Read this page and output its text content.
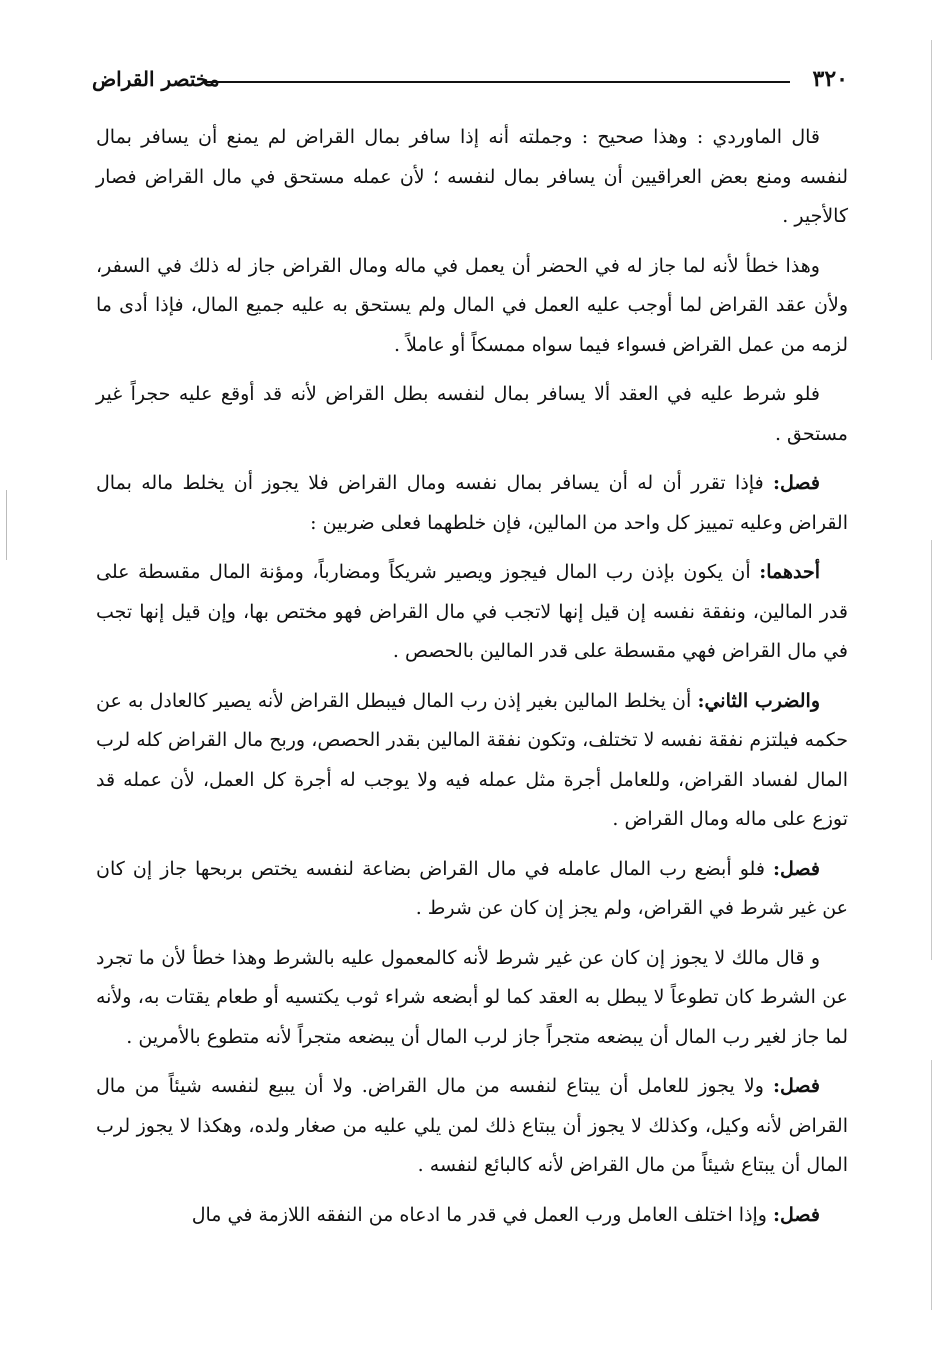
٣٢٠
مختصر القراض

قال الماوردي : وهذا صحيح : وجملته أنه إذا سافر بمال القراض لم يمنع أن يسافر بمال لنفسه ومنع بعض العراقيين أن يسافر بمال لنفسه ؛ لأن عمله مستحق في مال القراض فصار كالأجير .

وهذا خطأ لأنه لما جاز له في الحضر أن يعمل في ماله ومال القراض جاز له ذلك في السفر، ولأن عقد القراض لما أوجب عليه العمل في المال ولم يستحق به عليه جميع المال، فإذا أدى ما لزمه من عمل القراض فسواء فيما سواه ممسكاً أو عاملاً .

فلو شرط عليه في العقد ألا يسافر بمال لنفسه بطل القراض لأنه قد أوقع عليه حجراً غير مستحق .

فصل: فإذا تقرر أن له أن يسافر بمال نفسه ومال القراض فلا يجوز أن يخلط ماله بمال القراض وعليه تمييز كل واحد من المالين، فإن خلطهما فعلى ضربين :

أحدهما: أن يكون بإذن رب المال فيجوز ويصير شريكاً ومضارباً، ومؤنة المال مقسطة على قدر المالين، ونفقة نفسه إن قيل إنها لاتجب في مال القراض فهو مختص بها، وإن قيل إنها تجب في مال القراض فهي مقسطة على قدر المالين بالحصص .

والضرب الثاني: أن يخلط المالين بغير إذن رب المال فيبطل القراض لأنه يصير كالعادل به عن حكمه فيلتزم نفقة نفسه لا تختلف، وتكون نفقة المالين بقدر الحصص، وربح مال القراض كله لرب المال لفساد القراض، وللعامل أجرة مثل عمله فيه ولا يوجب له أجرة كل العمل، لأن عمله قد توزع على ماله ومال القراض .

فصل: فلو أبضع رب المال عامله في مال القراض بضاعة لنفسه يختص بربحها جاز إن كان عن غير شرط في القراض، ولم يجز إن كان عن شرط .

و قال مالك لا يجوز إن كان عن غير شرط لأنه كالمعمول عليه بالشرط وهذا خطأ لأن ما تجرد عن الشرط كان تطوعاً لا يبطل به العقد كما لو أبضعه شراء ثوب يكتسيه أو طعام يقتات به، ولأنه لما جاز لغير رب المال أن يبضعه متجراً جاز لرب المال أن يبضعه متجراً لأنه متطوع بالأمرين .

فصل: ولا يجوز للعامل أن يبتاع لنفسه من مال القراض. ولا أن يبيع لنفسه شيئاً من مال القراض لأنه وكيل، وكذلك لا يجوز أن يبتاع ذلك لمن يلي عليه من صغار ولده، وهكذا لا يجوز لرب المال أن يبتاع شيئاً من مال القراض لأنه كالبائع لنفسه .

فصل: وإذا اختلف العامل ورب العمل في قدر ما ادعاه من النفقه اللازمة في مال
